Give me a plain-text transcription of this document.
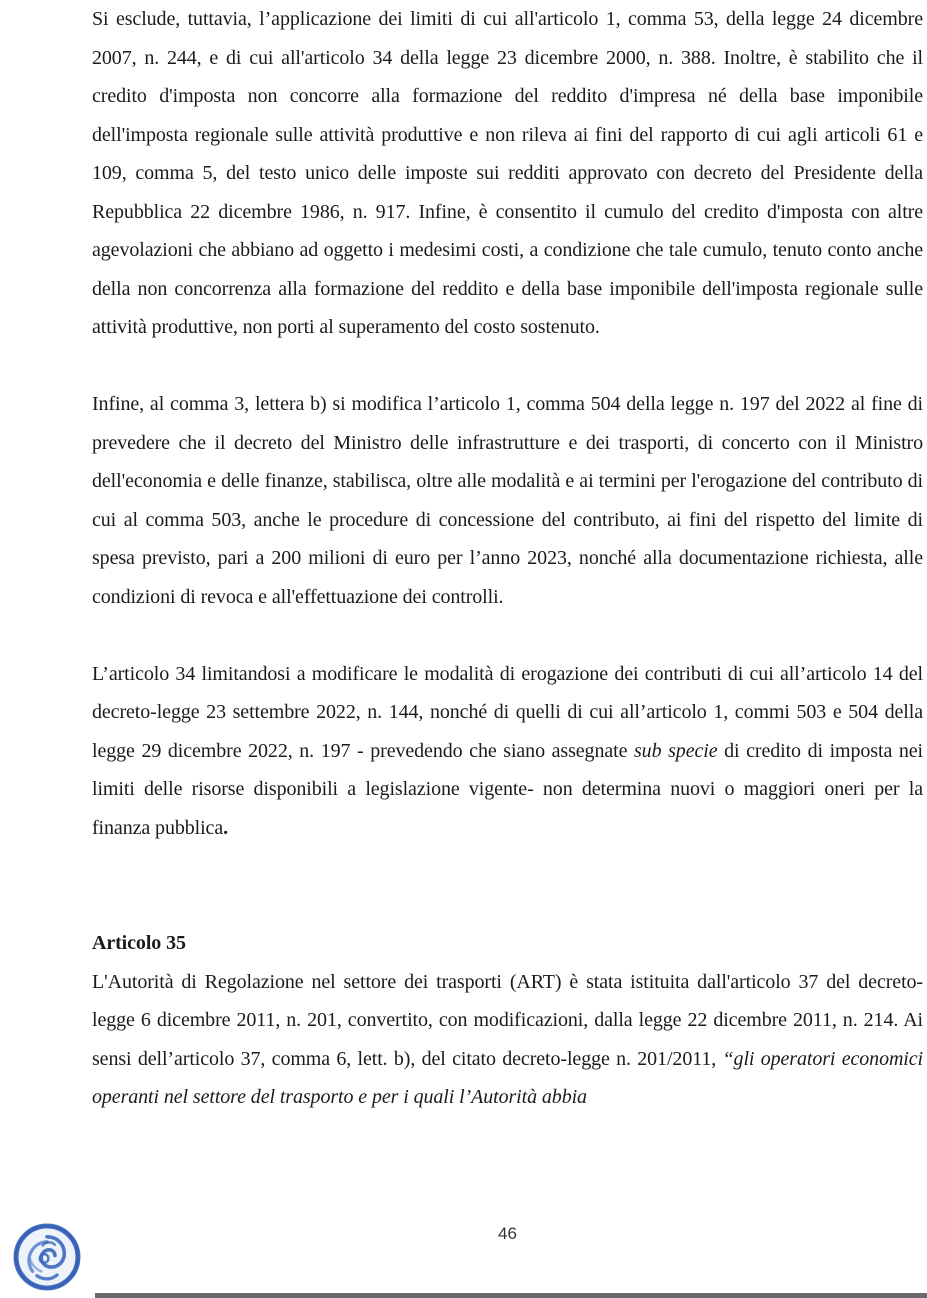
Si esclude, tuttavia, l’applicazione dei limiti di cui all'articolo 1, comma 53, della legge 24 dicembre 2007, n. 244, e di cui all'articolo 34 della legge 23 dicembre 2000, n. 388. Inoltre, è stabilito che il credito d'imposta non concorre alla formazione del reddito d'impresa né della base imponibile dell'imposta regionale sulle attività produttive e non rileva ai fini del rapporto di cui agli articoli 61 e 109, comma 5, del testo unico delle imposte sui redditi approvato con decreto del Presidente della Repubblica 22 dicembre 1986, n. 917. Infine, è consentito il cumulo del credito d'imposta con altre agevolazioni che abbiano ad oggetto i medesimi costi, a condizione che tale cumulo, tenuto conto anche della non concorrenza alla formazione del reddito e della base imponibile dell'imposta regionale sulle attività produttive, non porti al superamento del costo sostenuto.

Infine, al comma 3, lettera b) si modifica l’articolo 1, comma 504 della legge n. 197 del 2022 al fine di prevedere che il decreto del Ministro delle infrastrutture e dei trasporti, di concerto con il Ministro dell'economia e delle finanze, stabilisca, oltre alle modalità e ai termini per l'erogazione del contributo di cui al comma 503, anche le procedure di concessione del contributo, ai fini del rispetto del limite di spesa previsto, pari a 200 milioni di euro per l’anno 2023, nonché alla documentazione richiesta, alle condizioni di revoca e all'effettuazione dei controlli.

L’articolo 34 limitandosi a modificare le modalità di erogazione dei contributi di cui all’articolo 14 del decreto-legge 23 settembre 2022, n. 144, nonché di quelli di cui all’articolo 1, commi 503 e 504 della legge 29 dicembre 2022, n. 197 - prevedendo che siano assegnate sub specie di credito di imposta nei limiti delle risorse disponibili a legislazione vigente- non determina nuovi o maggiori oneri per la finanza pubblica.

Articolo 35

L'Autorità di Regolazione nel settore dei trasporti (ART) è stata istituita dall'articolo 37 del decreto-legge 6 dicembre 2011, n. 201, convertito, con modificazioni, dalla legge 22 dicembre 2011, n. 214. Ai sensi dell’articolo 37, comma 6, lett. b), del citato decreto-legge n. 201/2011, “gli operatori economici operanti nel settore del trasporto e per i quali l’Autorità abbia

46
